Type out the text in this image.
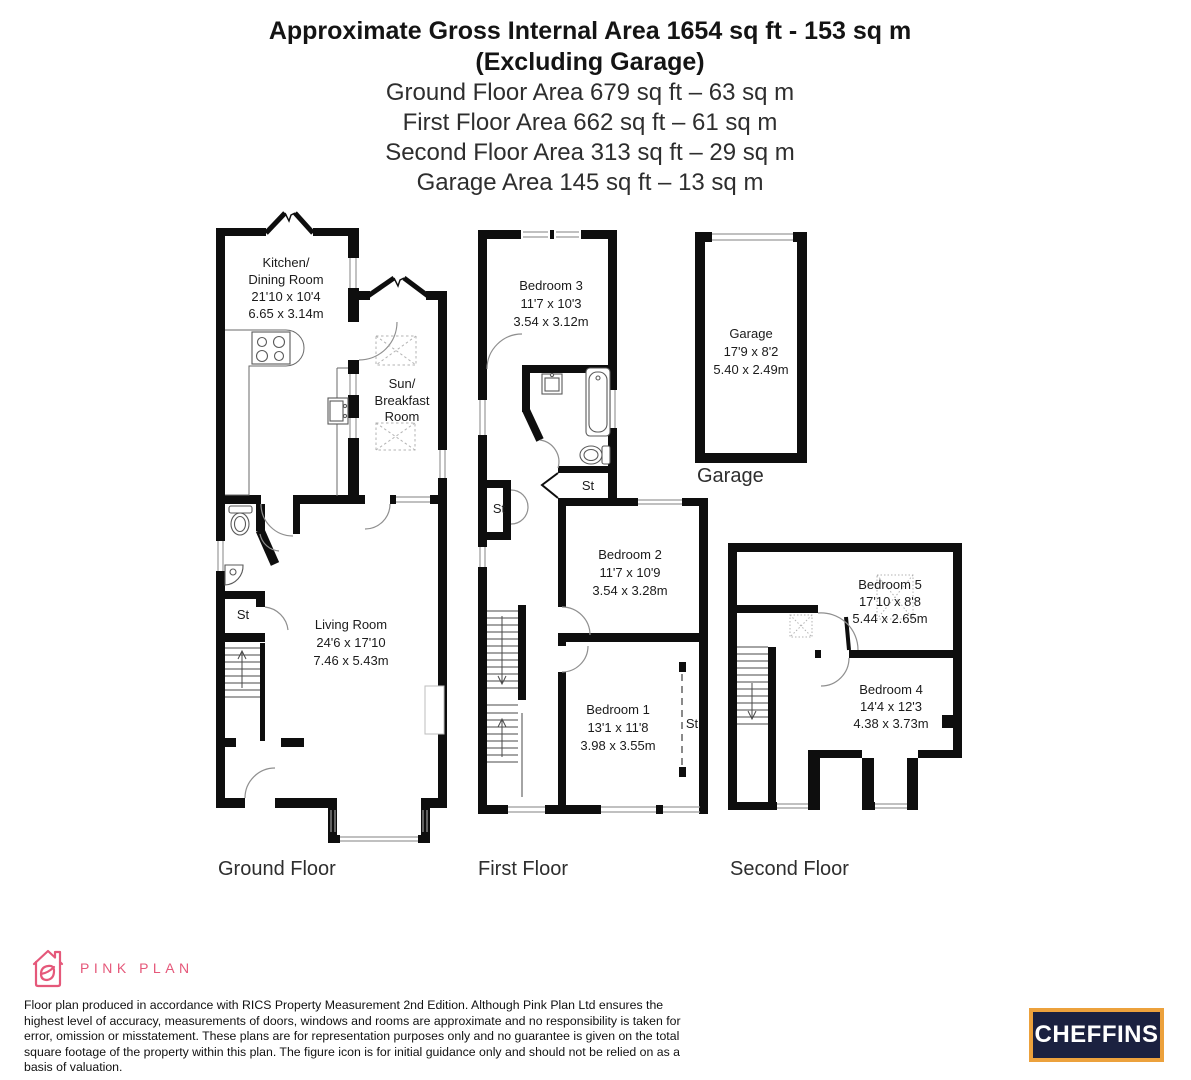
Approximate Gross Internal Area 1654 sq ft - 153 sq m
(Excluding Garage)
Ground Floor Area 679 sq ft – 63 sq m
First Floor Area 662 sq ft – 61 sq m
Second Floor Area 313 sq ft – 29 sq m
Garage Area 145 sq ft – 13 sq m
Kitchen/
Dining Room
21'10 x 10'4
6.65 x 3.14m
Sun/
Breakfast
Room
Living Room
24'6 x 17'10
7.46 x 5.43m
St
Bedroom 3
11'7 x 10'3
3.54 x 3.12m
Bedroom 2
11'7 x 10'9
3.54 x 3.28m
Bedroom 1
13'1 x 11'8
3.98 x 3.55m
St
St
St
Garage
17'9 x 8'2
5.40 x 2.49m
Bedroom 5
17'10 x 8'8
5.44 x 2.65m
Bedroom 4
14'4 x 12'3
4.38 x 3.73m
Garage
Ground Floor	First Floor	Second Floor
PINK PLAN
Floor plan produced in accordance with RICS Property Measurement 2nd Edition. Although Pink Plan Ltd ensures the highest level of accuracy, measurements of doors, windows and rooms are approximate and no responsibility is taken for error, omission or misstatement. These plans are for representation purposes only and no guarantee is given on the total square footage of the property within this plan. The figure icon is for initial guidance only and should not be relied on as a basis of valuation.
CHEFFINS
